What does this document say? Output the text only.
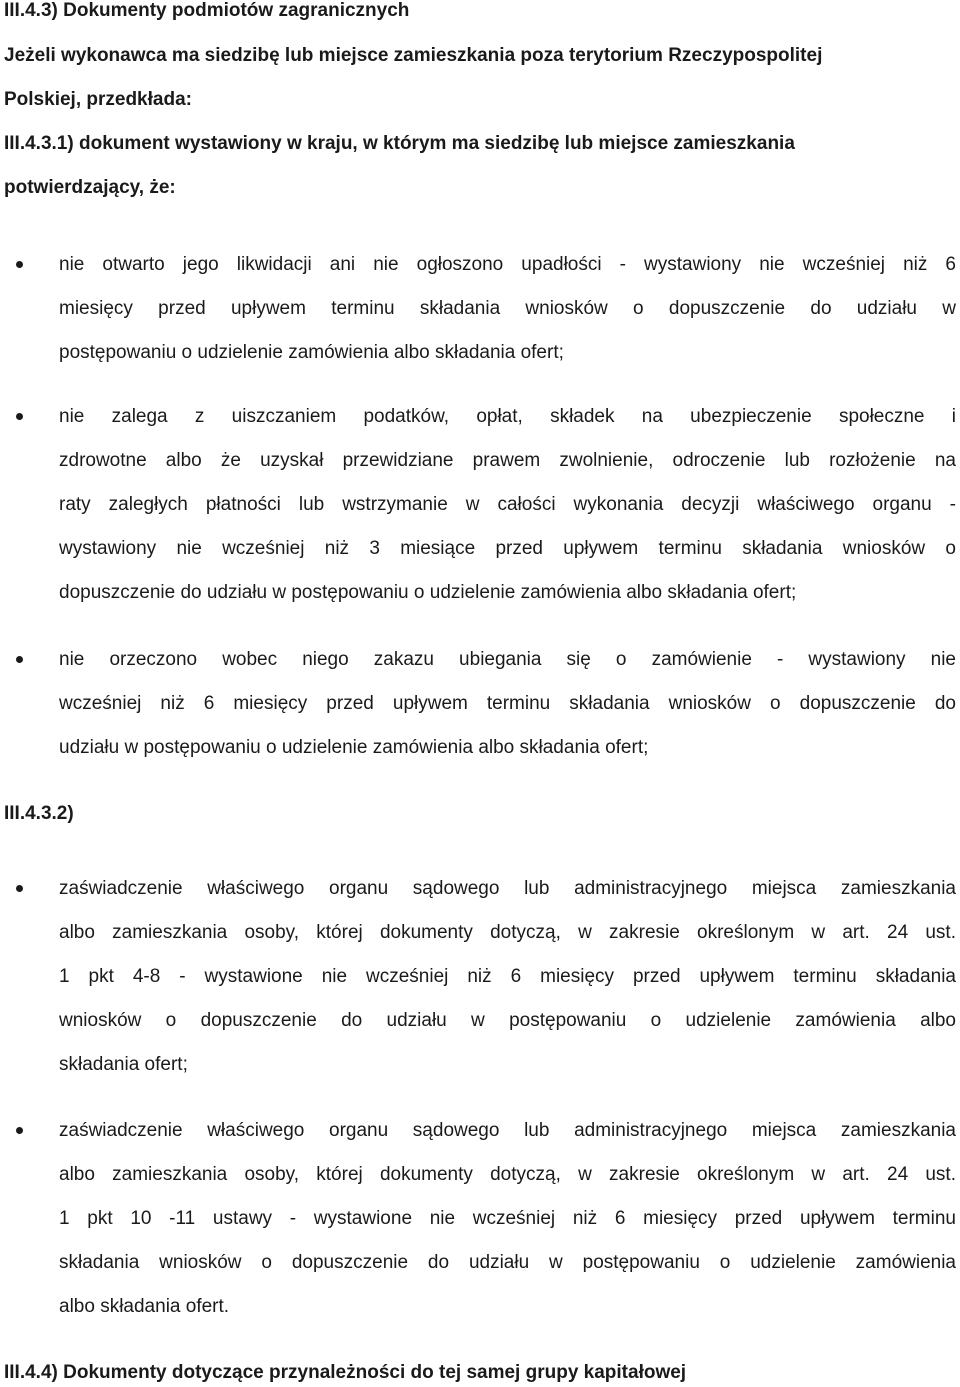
III.4.3) Dokumenty podmiotów zagranicznych
Jeżeli wykonawca ma siedzibę lub miejsce zamieszkania poza terytorium Rzeczypospolitej
Polskiej, przedkłada:
III.4.3.1) dokument wystawiony w kraju, w którym ma siedzibę lub miejsce zamieszkania
potwierdzający, że:
nie otwarto jego likwidacji ani nie ogłoszono upadłości - wystawiony nie wcześniej niż 6
miesięcy przed upływem terminu składania wniosków o dopuszczenie do udziału w
postępowaniu o udzielenie zamówienia albo składania ofert;
nie zalega z uiszczaniem podatków, opłat, składek na ubezpieczenie społeczne i
zdrowotne albo że uzyskał przewidziane prawem zwolnienie, odroczenie lub rozłożenie na
raty zaległych płatności lub wstrzymanie w całości wykonania decyzji właściwego organu -
wystawiony nie wcześniej niż 3 miesiące przed upływem terminu składania wniosków o
dopuszczenie do udziału w postępowaniu o udzielenie zamówienia albo składania ofert;
nie orzeczono wobec niego zakazu ubiegania się o zamówienie - wystawiony nie
wcześniej niż 6 miesięcy przed upływem terminu składania wniosków o dopuszczenie do
udziału w postępowaniu o udzielenie zamówienia albo składania ofert;
III.4.3.2)
zaświadczenie właściwego organu sądowego lub administracyjnego miejsca zamieszkania
albo zamieszkania osoby, której dokumenty dotyczą, w zakresie określonym w art. 24 ust.
1 pkt 4-8 - wystawione nie wcześniej niż 6 miesięcy przed upływem terminu składania
wniosków o dopuszczenie do udziału w postępowaniu o udzielenie zamówienia albo
składania ofert;
zaświadczenie właściwego organu sądowego lub administracyjnego miejsca zamieszkania
albo zamieszkania osoby, której dokumenty dotyczą, w zakresie określonym w art. 24 ust.
1 pkt 10 -11 ustawy - wystawione nie wcześniej niż 6 miesięcy przed upływem terminu
składania wniosków o dopuszczenie do udziału w postępowaniu o udzielenie zamówienia
albo składania ofert.
III.4.4) Dokumenty dotyczące przynależności do tej samej grupy kapitałowej
